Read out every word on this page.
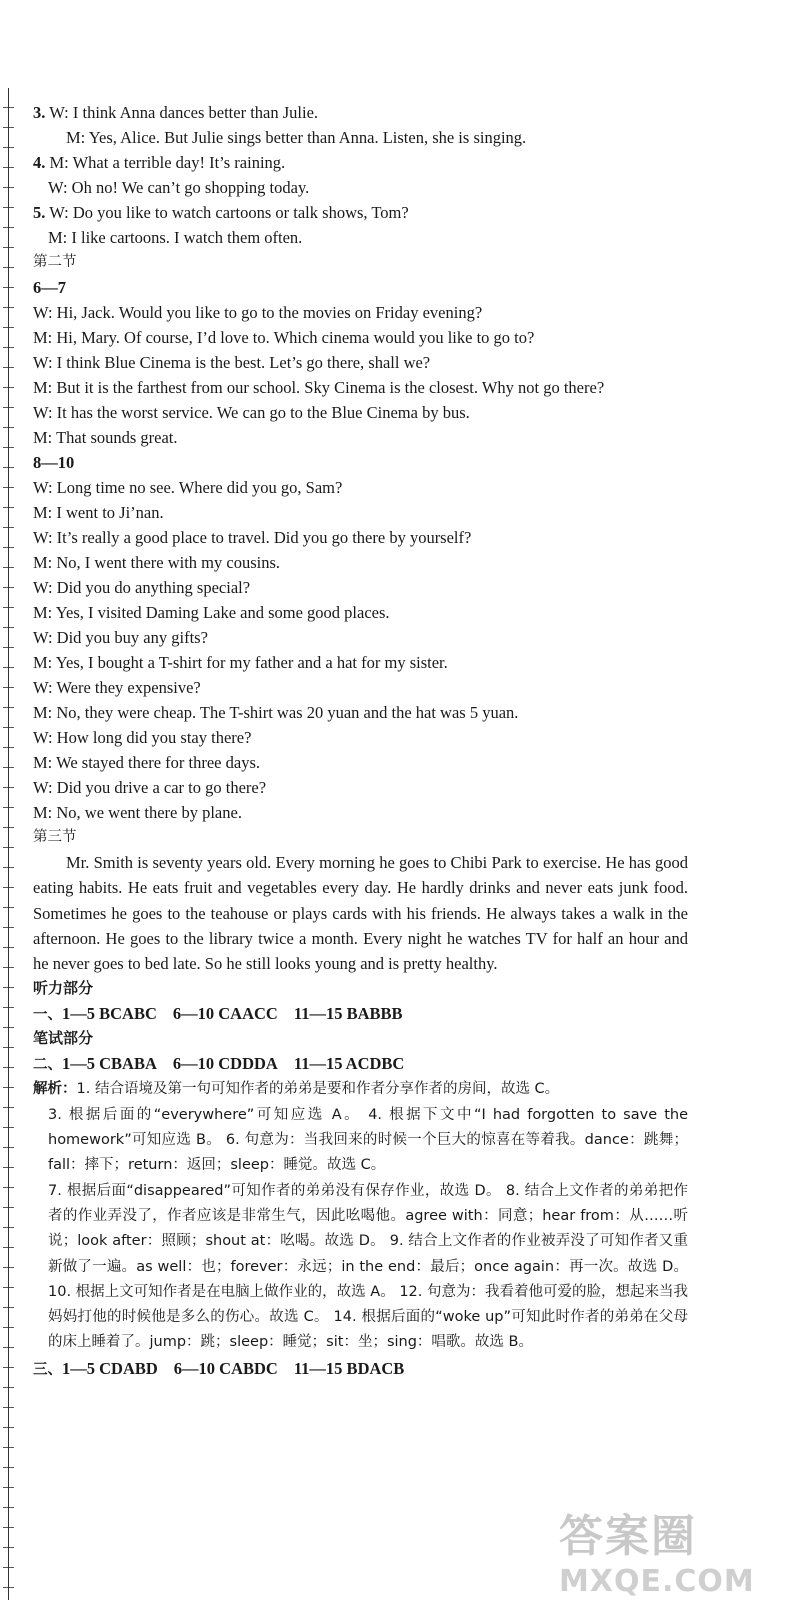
3. W: I think Anna dances better than Julie.
M: Yes, Alice. But Julie sings better than Anna. Listen, she is singing.
4. M: What a terrible day! It’s raining.
W: Oh no! We can’t go shopping today.
5. W: Do you like to watch cartoons or talk shows, Tom?
M: I like cartoons. I watch them often.
第二节
6—7
W: Hi, Jack. Would you like to go to the movies on Friday evening?
M: Hi, Mary. Of course, I’d love to. Which cinema would you like to go to?
W: I think Blue Cinema is the best. Let’s go there, shall we?
M: But it is the farthest from our school. Sky Cinema is the closest. Why not go there?
W: It has the worst service. We can go to the Blue Cinema by bus.
M: That sounds great.
8—10
W: Long time no see. Where did you go, Sam?
M: I went to Ji’nan.
W: It’s really a good place to travel. Did you go there by yourself?
M: No, I went there with my cousins.
W: Did you do anything special?
M: Yes, I visited Daming Lake and some good places.
W: Did you buy any gifts?
M: Yes, I bought a T-shirt for my father and a hat for my sister.
W: Were they expensive?
M: No, they were cheap. The T-shirt was 20 yuan and the hat was 5 yuan.
W: How long did you stay there?
M: We stayed there for three days.
W: Did you drive a car to go there?
M: No, we went there by plane.
第三节
Mr. Smith is seventy years old. Every morning he goes to Chibi Park to exercise. He has good eating habits. He eats fruit and vegetables every day. He hardly drinks and never eats junk food. Sometimes he goes to the teahouse or plays cards with his friends. He always takes a walk in the afternoon. He goes to the library twice a month. Every night he watches TV for half an hour and he never goes to bed late. So he still looks young and is pretty healthy.
听力部分
一、1—5 BCABC 6—10 CAACC 11—15 BABBB
笔试部分
二、1—5 CBABA 6—10 CDDDA 11—15 ACDBC
解析：1. 结合语境及第一句可知作者的弟弟是要和作者分享作者的房间，故选 C。
3. 根据后面的“everywhere”可知应选 A。 4. 根据下文中“I had forgotten to save the homework”可知应选 B。 6. 句意为：当我回来的时候一个巨大的惊喜在等着我。dance：跳舞；fall：摔下；return：返回；sleep：睡觉。故选 C。
7. 根据后面“disappeared”可知作者的弟弟没有保存作业，故选 D。 8. 结合上文作者的弟弟把作者的作业弄没了，作者应该是非常生气，因此吆喝他。agree with：同意；hear from：从……听说；look after：照顾；shout at：吆喝。故选 D。 9. 结合上文作者的作业被弄没了可知作者又重新做了一遍。as well：也；forever：永远；in the end：最后；once again：再一次。故选 D。 10. 根据上文可知作者是在电脑上做作业的，故选 A。 12. 句意为：我看着他可爱的脸，想起来当我妈妈打他的时候他是多么的伤心。故选 C。 14. 根据后面的“woke up”可知此时作者的弟弟在父母的床上睡着了。jump：跳；sleep：睡觉；sit：坐；sing：唱歌。故选 B。
三、1—5 CDABD 6—10 CABDC 11—15 BDACB
答案圈
MXQE.COM
